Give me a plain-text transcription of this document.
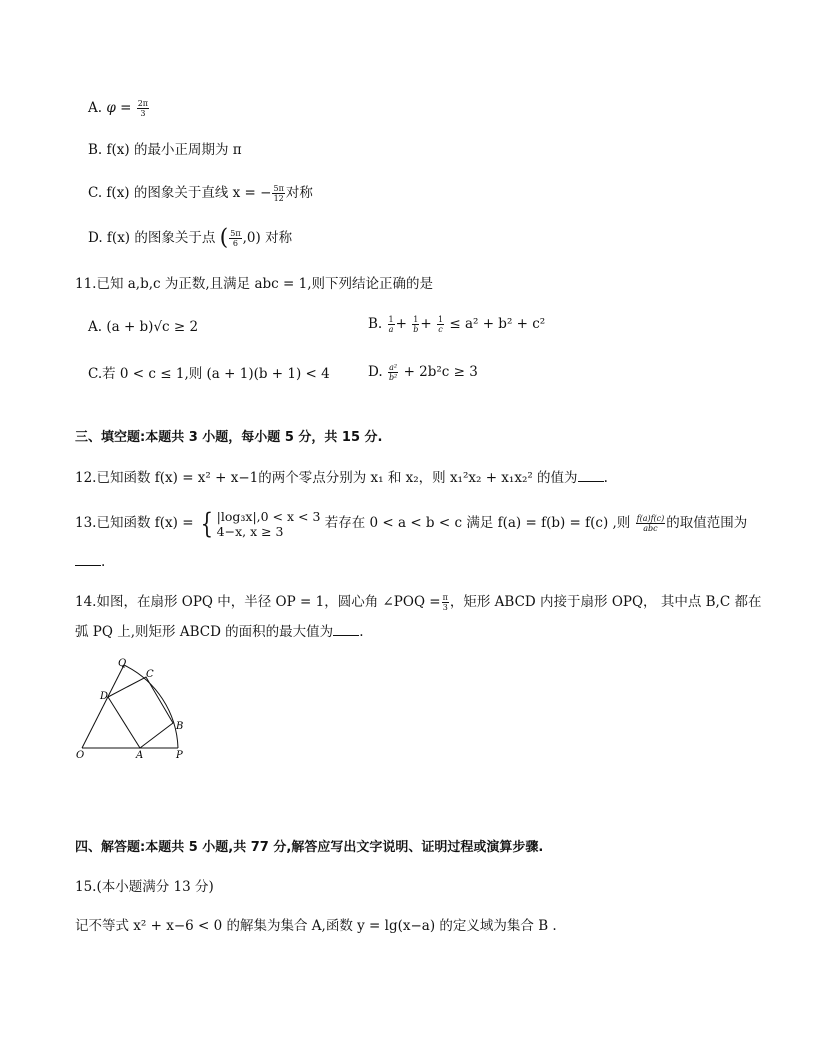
A. $\varphi = \frac{2\pi}{3}$
B. f(x) 的最小正周期为 π
C. f(x) 的图象关于直线 x = − $\frac{5\pi}{12}$ 对称
D. f(x) 的图象关于点 ( $\frac{5\pi}{6} ,0$) 对称
11.已知 a,b,c 为正数,且满足 abc = 1,则下列结论正确的是
A. (a + b)√c ≥ 2	B. $\frac{1}{a} + \frac{1}{b} + \frac{1}{c} \le a^2 + b^2 + c^2$
C.若 0 < c ≤ 1,则 (a + 1)(b + 1) < 4	D. $\frac{\text{a²}}{\text{b²}} + 2b^2c \ge 3$
三、填空题:本题共 3 小题，每小题 5 分，共 15 分.
12.已知函数 f(x) = x² + x−1的两个零点分别为 x₁ 和 x₂，则 x₁²x₂ + x₁x₂² 的值为 .
13.已知函数 f(x) = { |log₃x|,0 < x < 3
4−x, x ≥ 3	若存在 0 < a < b < c 满足 f(a) = f(b) = f(c) ,则 $\frac{f(a)f(c)}{\text{abc}}$ 的取值范围为
.
14.如图，在扇形 OPQ 中，半径 OP = 1，圆心角 ∠POQ = $\frac{\pi}{3}$ ，矩形 ABCD 内接于扇形 OPQ， 其中点 B,C 都在
弧 PQ 上,则矩形 ABCD 的面积的最大值为 .
O	A	P
B
C
D
Q
四、解答题:本题共 5 小题,共 77 分,解答应写出文字说明、证明过程或演算步骤.
15.(本小题满分 13 分)
记不等式 x² + x−6 < 0 的解集为集合 A,函数 y = lg(x−a) 的定义域为集合 B .
